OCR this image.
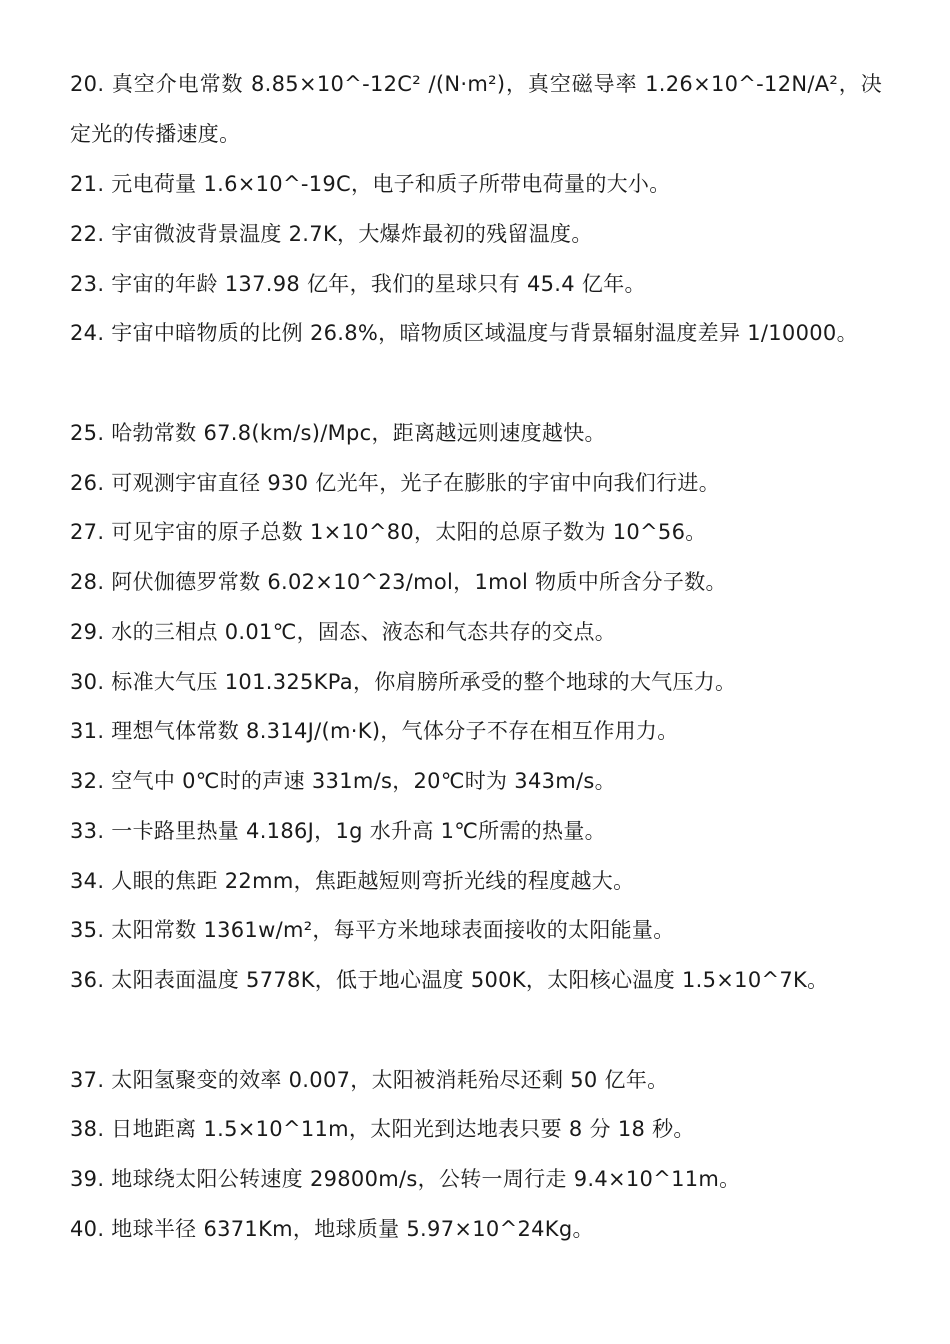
20. 真空介电常数 8.85×10^-12C² /(N·m²)，真空磁导率 1.26×10^-12N/A²，决定光的传播速度。
21. 元电荷量 1.6×10^-19C，电子和质子所带电荷量的大小。
22. 宇宙微波背景温度 2.7K，大爆炸最初的残留温度。
23. 宇宙的年龄 137.98 亿年，我们的星球只有 45.4 亿年。
24. 宇宙中暗物质的比例 26.8%，暗物质区域温度与背景辐射温度差异 1/10000。
25. 哈勃常数 67.8(km/s)/Mpc，距离越远则速度越快。
26. 可观测宇宙直径 930 亿光年，光子在膨胀的宇宙中向我们行进。
27. 可见宇宙的原子总数 1×10^80，太阳的总原子数为 10^56。
28. 阿伏伽德罗常数 6.02×10^23/mol，1mol 物质中所含分子数。
29. 水的三相点 0.01℃，固态、液态和气态共存的交点。
30. 标准大气压 101.325KPa，你肩膀所承受的整个地球的大气压力。
31. 理想气体常数 8.314J/(m·K)，气体分子不存在相互作用力。
32. 空气中 0℃时的声速 331m/s，20℃时为 343m/s。
33. 一卡路里热量 4.186J，1g 水升高 1℃所需的热量。
34. 人眼的焦距 22mm，焦距越短则弯折光线的程度越大。
35. 太阳常数 1361w/m²，每平方米地球表面接收的太阳能量。
36. 太阳表面温度 5778K，低于地心温度 500K，太阳核心温度 1.5×10^7K。
37. 太阳氢聚变的效率 0.007，太阳被消耗殆尽还剩 50 亿年。
38. 日地距离 1.5×10^11m，太阳光到达地表只要 8 分 18 秒。
39. 地球绕太阳公转速度 29800m/s，公转一周行走 9.4×10^11m。
40. 地球半径 6371Km，地球质量 5.97×10^24Kg。
